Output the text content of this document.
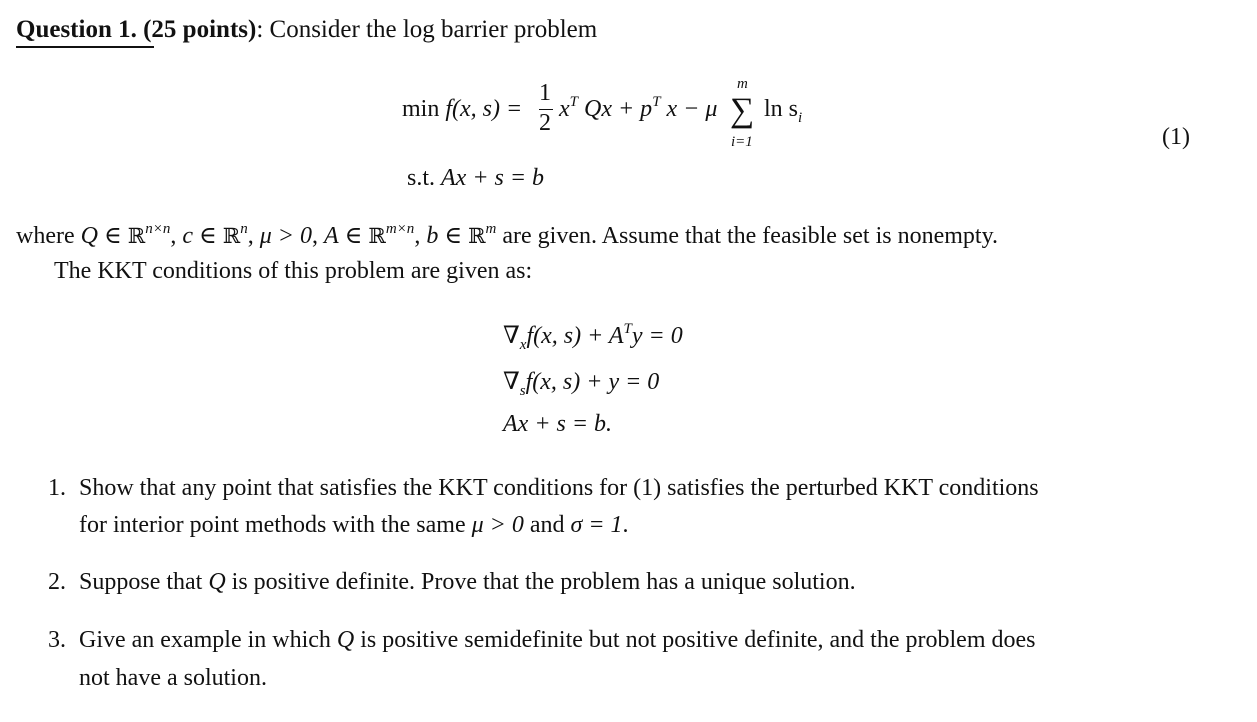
Question 1. (25 points): Consider the log barrier problem
min f(x, s) =
1
2
$x^T$ $Qx + p^T$ x − μ
m
∑
i=1
$\ln s_i$
(1)
s.t. Ax + s = b
where Q ∈ ℝ$^{n\times n}$, c ∈ ℝ$^n$, μ > 0, A ∈ ℝ$^{m\times n}$, b ∈ ℝ$^m$ are given. Assume that the feasible set is nonempty.
The KKT conditions of this problem are given as:
$\nabla_xf(x$, $s) + A^Ty = 0$
$\nabla_sf(x$, s) + y = 0
Ax + s = b.
1. Show that any point that satisfies the KKT conditions for (1) satisfies the perturbed KKT conditions
for interior point methods with the same μ > 0 and σ = 1.
2. Suppose that Q is positive definite. Prove that the problem has a unique solution.
3. Give an example in which Q is positive semidefinite but not positive definite, and the problem does
not have a solution.
